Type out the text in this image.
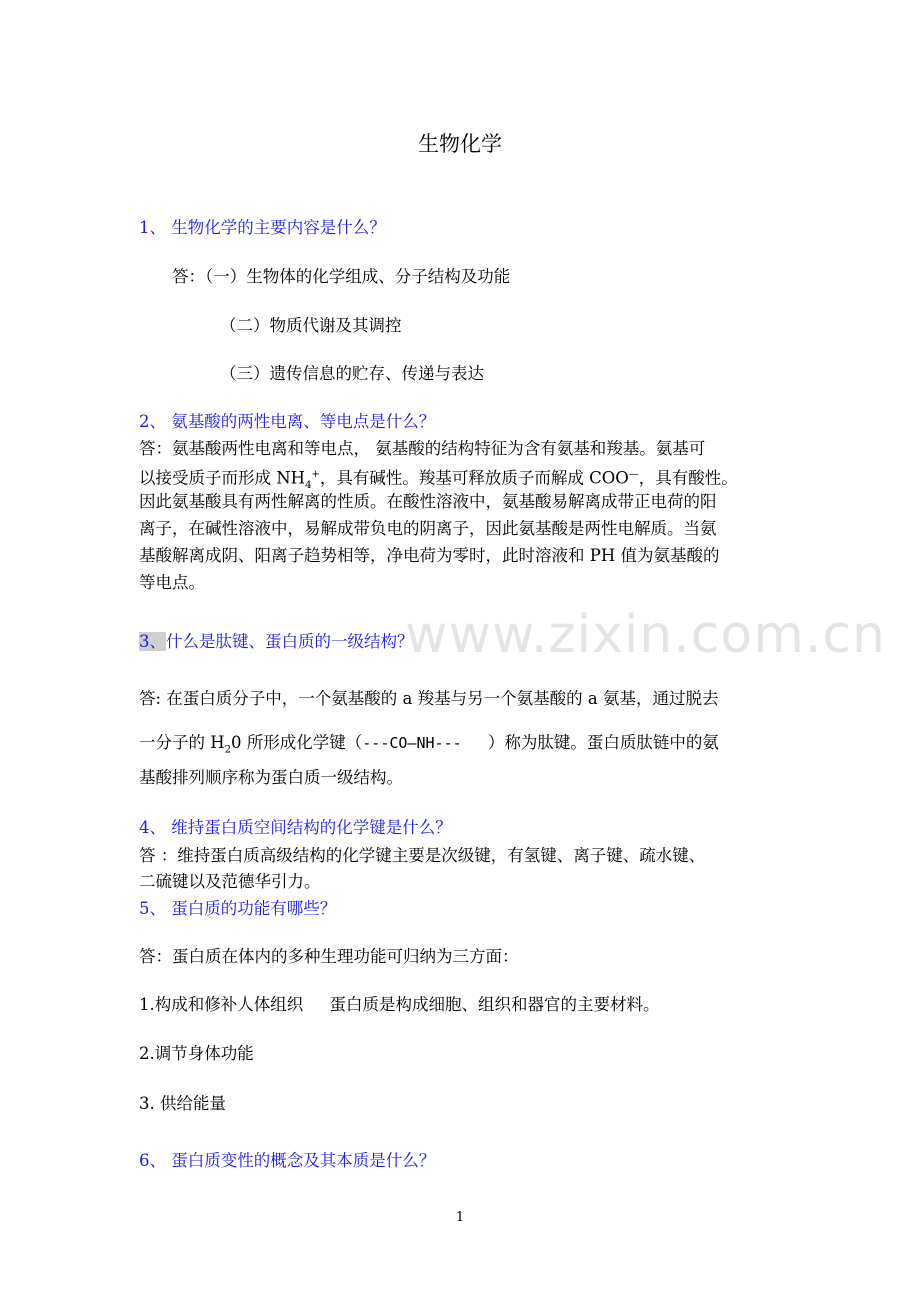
www.zixin.com.cn
生物化学
1、 生物化学的主要内容是什么？
答：（一）生物体的化学组成、分子结构及功能
（二）物质代谢及其调控
（三）遗传信息的贮存、传递与表达
2、 氨基酸的两性电离、等电点是什么？
答：氨基酸两性电离和等电点， 氨基酸的结构特征为含有氨基和羧基。氨基可
以接受质子而形成 $NH_4^+$，具有碱性。羧基可释放质子而解成 COO—，具有酸性。
因此氨基酸具有两性解离的性质。在酸性溶液中，氨基酸易解离成带正电荷的阳
离子，在碱性溶液中，易解成带负电的阴离子，因此氨基酸是两性电解质。当氨
基酸解离成阴、阳离子趋势相等，净电荷为零时，此时溶液和 PH 值为氨基酸的
等电点。
3、什么是肽键、蛋白质的一级结构？
答: 在蛋白质分子中，一个氨基酸的 a 羧基与另一个氨基酸的 a 氨基，通过脱去
一分子的 $H_20$ 所形成化学键（---CO—NH---     ）称为肽键。蛋白质肽链中的氨
基酸排列顺序称为蛋白质一级结构。
4、 维持蛋白质空间结构的化学键是什么？
答 ：维持蛋白质高级结构的化学键主要是次级键，有氢键、离子键、疏水键、
二硫键以及范德华引力。
5、 蛋白质的功能有哪些？
答：蛋白质在体内的多种生理功能可归纳为三方面：
1.构成和修补人体组织     蛋白质是构成细胞、组织和器官的主要材料。
2.调节身体功能
3. 供给能量
6、 蛋白质变性的概念及其本质是什么？
1
